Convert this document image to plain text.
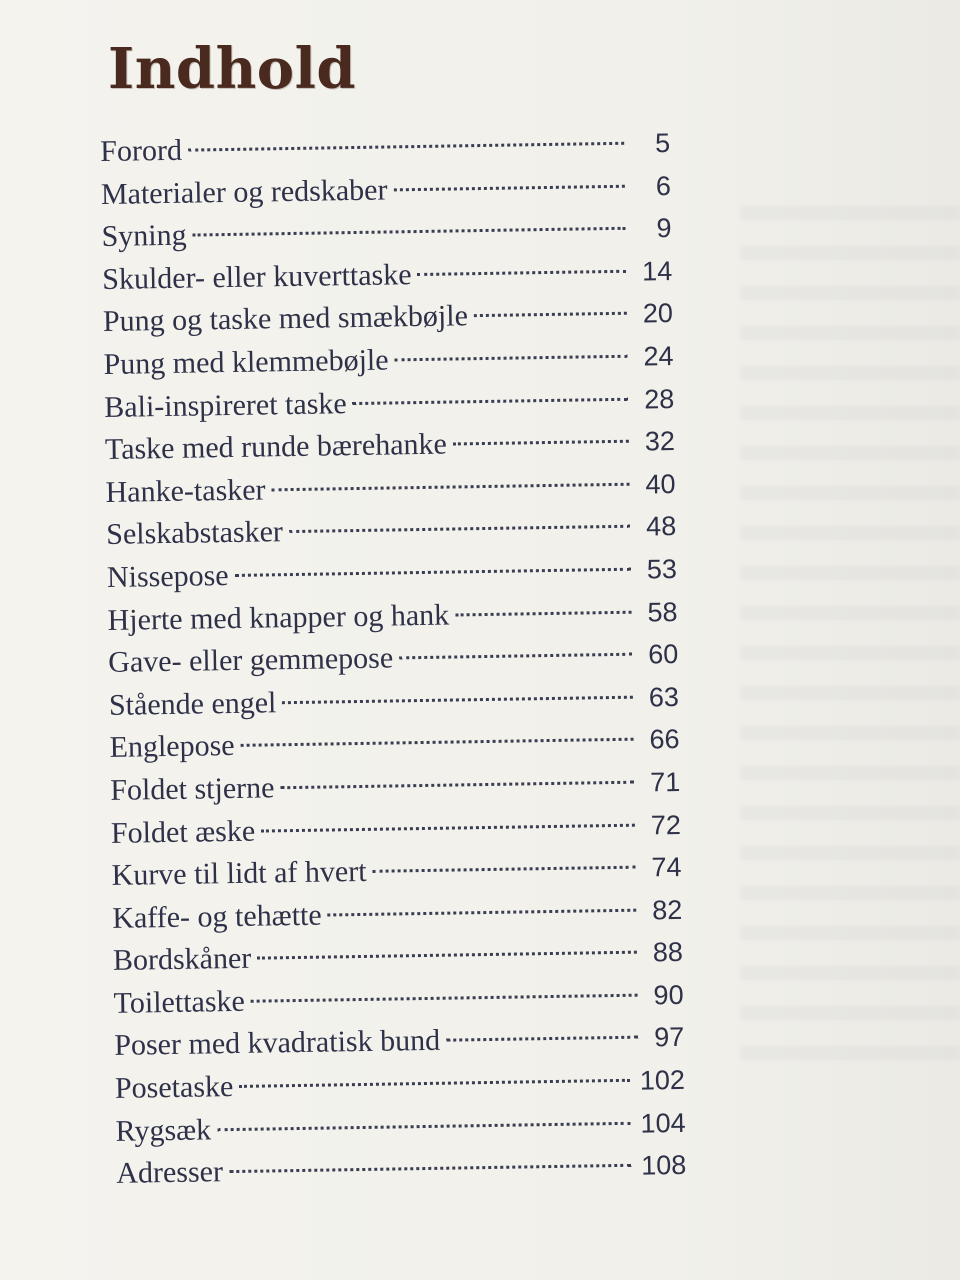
Indhold
Forord	5
Materialer og redskaber	6
Syning	9
Skulder- eller kuverttaske	14
Pung og taske med smækbøjle	20
Pung med klemmebøjle	24
Bali-inspireret taske	28
Taske med runde bærehanke	32
Hanke-tasker	40
Selskabstasker	48
Nissepose	53
Hjerte med knapper og hank	58
Gave- eller gemmepose	60
Stående engel	63
Englepose	66
Foldet stjerne	71
Foldet æske	72
Kurve til lidt af hvert	74
Kaffe- og tehætte	82
Bordskåner	88
Toilettaske	90
Poser med kvadratisk bund	97
Posetaske	102
Rygsæk	104
Adresser	108
